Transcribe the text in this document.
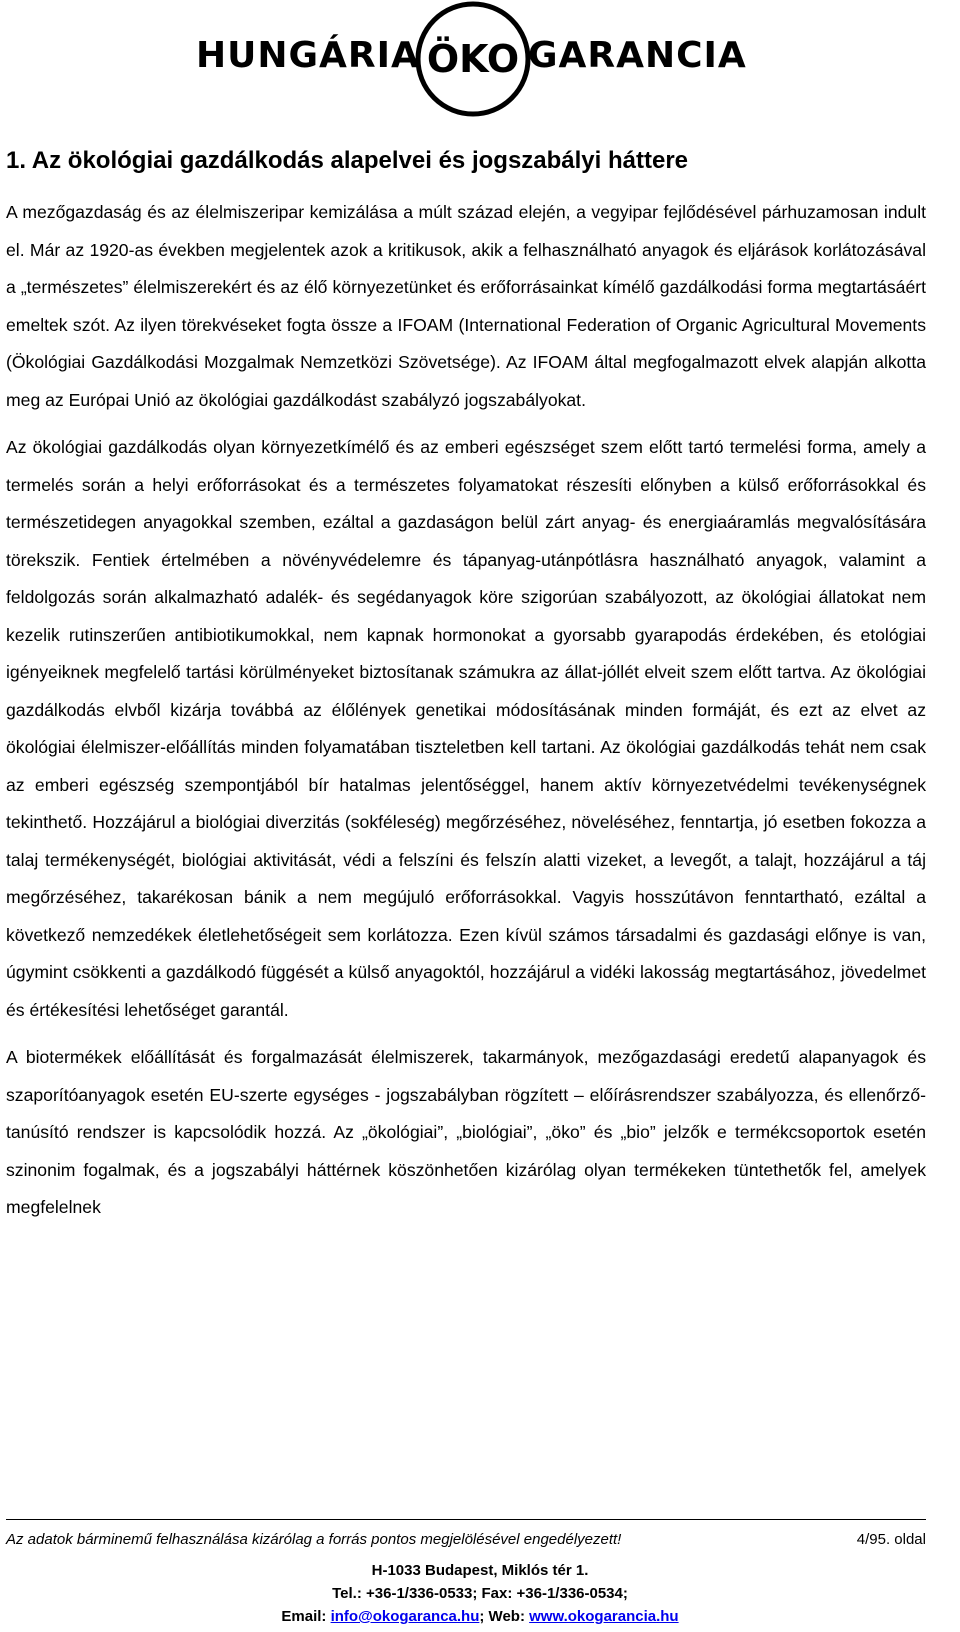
HUNGÁRIA ÖKO GARANCIA
1. Az ökológiai gazdálkodás alapelvei és jogszabályi háttere

A mezőgazdaság és az élelmiszeripar kemizálása a múlt század elején, a vegyipar fejlődésével párhuzamosan indult el. Már az 1920-as években megjelentek azok a kritikusok, akik a felhasználható anyagok és eljárások korlátozásával a „természetes” élelmiszerekért és az élő környezetünket és erőforrásainkat kímélő gazdálkodási forma megtartásáért emeltek szót. Az ilyen törekvéseket fogta össze a IFOAM (International Federation of Organic Agricultural Movements (Ökológiai Gazdálkodási Mozgalmak Nemzetközi Szövetsége). Az IFOAM által megfogalmazott elvek alapján alkotta meg az Európai Unió az ökológiai gazdálkodást szabályzó jogszabályokat.

Az ökológiai gazdálkodás olyan környezetkímélő és az emberi egészséget szem előtt tartó termelési forma, amely a termelés során a helyi erőforrásokat és a természetes folyamatokat részesíti előnyben a külső erőforrásokkal és természetidegen anyagokkal szemben, ezáltal a gazdaságon belül zárt anyag- és energiaáramlás megvalósítására törekszik. Fentiek értelmében a növényvédelemre és tápanyag-utánpótlásra használható anyagok, valamint a feldolgozás során alkalmazható adalék- és segédanyagok köre szigorúan szabályozott, az ökológiai állatokat nem kezelik rutinszerűen antibiotikumokkal, nem kapnak hormonokat a gyorsabb gyarapodás érdekében, és etológiai igényeiknek megfelelő tartási körülményeket biztosítanak számukra az állat-jóllét elveit szem előtt tartva. Az ökológiai gazdálkodás elvből kizárja továbbá az élőlények genetikai módosításának minden formáját, és ezt az elvet az ökológiai élelmiszer-előállítás minden folyamatában tiszteletben kell tartani. Az ökológiai gazdálkodás tehát nem csak az emberi egészség szempontjából bír hatalmas jelentőséggel, hanem aktív környezetvédelmi tevékenységnek tekinthető. Hozzájárul a biológiai diverzitás (sokféleség) megőrzéséhez, növeléséhez, fenntartja, jó esetben fokozza a talaj termékenységét, biológiai aktivitását, védi a felszíni és felszín alatti vizeket, a levegőt, a talajt, hozzájárul a táj megőrzéséhez, takarékosan bánik a nem megújuló erőforrásokkal. Vagyis hosszútávon fenntartható, ezáltal a következő nemzedékek életlehetőségeit sem korlátozza. Ezen kívül számos társadalmi és gazdasági előnye is van, úgymint csökkenti a gazdálkodó függését a külső anyagoktól, hozzájárul a vidéki lakosság megtartásához, jövedelmet és értékesítési lehetőséget garantál.

A biotermékek előállítását és forgalmazását élelmiszerek, takarmányok, mezőgazdasági eredetű alapanyagok és szaporítóanyagok esetén EU-szerte egységes - jogszabályban rögzített – előírásrendszer szabályozza, és ellenőrző-tanúsító rendszer is kapcsolódik hozzá. Az „ökológiai”, „biológiai”, „öko” és „bio” jelzők e termékcsoportok esetén szinonim fogalmak, és a jogszabályi háttérnek köszönhetően kizárólag olyan termékeken tüntethetők fel, amelyek megfelelnek

Az adatok bárminemű felhasználása kizárólag a forrás pontos megjelölésével engedélyezett!	4/95. oldal
H-1033 Budapest, Miklós tér 1.
Tel.: +36-1/336-0533; Fax: +36-1/336-0534;
Email: info@okogaranca.hu; Web: www.okogarancia.hu
